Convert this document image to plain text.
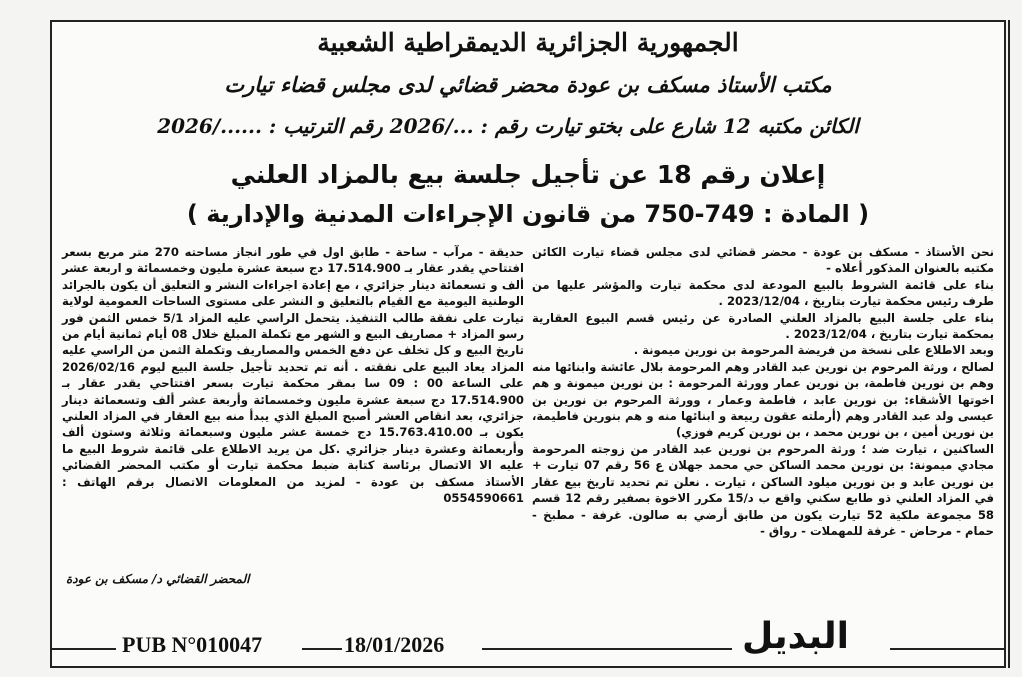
الجمهورية الجزائرية الديمقراطية الشعبية
مكتب الأستاذ مسكف بن عودة محضر قضائي لدى مجلس قضاء تيارت
الكائن مكتبه 12 شارع على بختو تيارت رقم : .../2026 رقم الترتيب : ....../2026
إعلان رقم 18 عن تأجيل جلسة بيع بالمزاد العلني
( المادة : 749-750 من قانون الإجراءات المدنية والإدارية )

نحن الأستاذ - مسكف بن عودة - محضر قضائي لدى مجلس قضاء تيارت الكائن مكتبه بالعنوان المذكور أعلاه -

بناء على قائمة الشروط بالبيع المودعة لدى محكمة تيارت والمؤشر عليها من طرف رئيس محكمة تيارت بتاريخ ، 2023/12/04 .

بناء على جلسة البيع بالمزاد العلني الصادرة عن رئيس قسم البيوع العقارية بمحكمة تيارت بتاريخ ، 2023/12/04 .

وبعد الاطلاع على نسخة من فريضة المرحومة بن نورين ميمونة .

لصالح ، ورثة المرحوم بن نورين عبد القادر وهم المرحومة بلال عائشة وابنائها منه وهم بن نورين فاطمة، بن نورين عمار وورثة المرحومة : بن نورين ميمونة و هم اخوتها الأشقاء: بن نورين عابد ، فاطمة وعمار ، وورثة المرحوم بن نورين بن عيسى ولد عبد القادر وهم (أرملته عقون ربيعة و ابنائها منه و هم بنورين فاطيمة، بن نورين أمين ، بن نورين محمد ، بن نورين كريم فوزي)

الساكنين ، تيارت ضد ؛ ورثة المرحوم بن نورين عبد القادر من زوجته المرحومة مجادي ميمونة: بن نورين محمد الساكن حي محمد جهلان ع 56 رقم 07 تيارت + بن نورين عابد و بن نورين ميلود الساكن ، تيارت . نعلن تم تحديد تاريخ بيع عقار في المزاد العلني ذو طابع سكني واقع ب د/15 مكرر الاخوة بصفير رقم 12 قسم 58 مجموعة ملكية 52 تيارت يكون من طابق أرضي به صالون. غرفة - مطبخ - حمام - مرحاض - غرفة للمهملات - رواق -

حديقة - مرآب - ساحة - طابق اول في طور انجاز مساحته 270 متر مربع بسعر افتتاحي يقدر عقار بـ 17.514.900 دج سبعة عشرة مليون وخمسمائة و اربعة عشر ألف و تسعمائة دينار جزائري ، مع إعادة اجراءات النشر و التعليق أن يكون بالجرائد الوطنية اليومية مع القيام بالتعليق و النشر على مستوى الساحات العمومية لولاية تيارت على نفقة طالب التنفيذ. يتحمل الراسي عليه المزاد 5/1 خمس الثمن فور رسو المزاد + مصاريف البيع و الشهر مع تكملة المبلغ خلال 08 أيام ثمانية أيام من تاريخ البيع و كل تخلف عن دفع الخمس والمصاريف وتكملة الثمن من الراسي عليه المزاد يعاد البيع على نفقته . أنه تم تحديد تأجيل جلسة البيع ليوم 2026/02/16 على الساعة 00 : 09 سا بمقر محكمة تيارت بسعر افتتاحي يقدر عقار بـ 17.514.900 دج سبعة عشرة مليون وخمسمائة وأربعة عشر ألف وتسعمائة دينار جزائري، بعد انقاص العشر أصبح المبلغ الذي يبدأ منه بيع العقار في المزاد العلني يكون بـ 15.763.410.00 دج خمسة عشر مليون وسبعمائة وثلاثة وستون ألف وأربعمائة وعشرة دينار جزائري .كل من يريد الاطلاع على قائمة شروط البيع ما عليه الا الاتصال برئاسة كتابة ضبط محكمة تيارت أو مكتب المحضر القضائي الأستاذ مسكف بن عودة - لمزيد من المعلومات الاتصال برقم الهاتف : 0554590661

المحضر القضائي د/ مسكف بن عودة
PUB N°010047	18/01/2026	البديل
